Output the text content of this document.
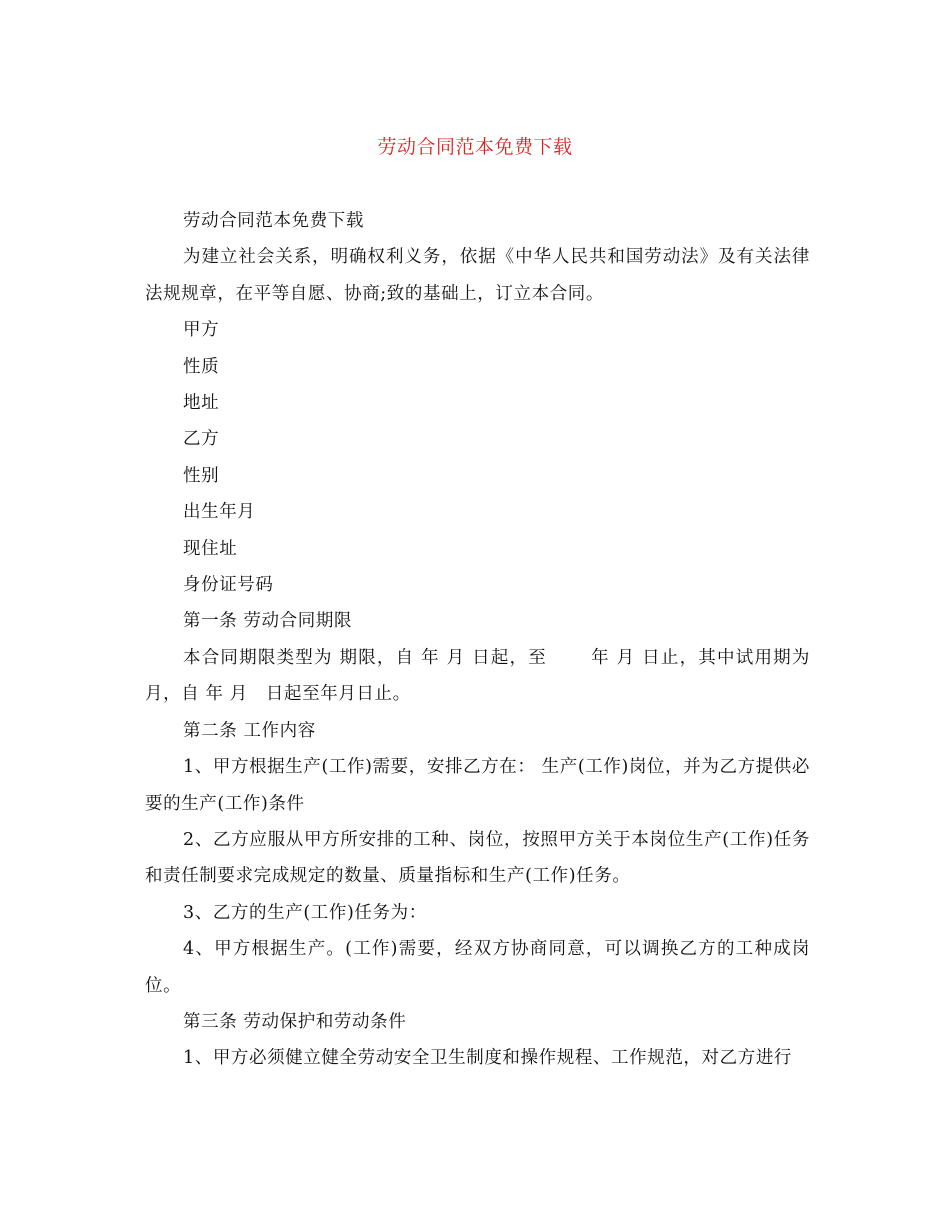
劳动合同范本免费下载

劳动合同范本免费下载

为建立社会关系，明确权利义务，依据《中华人民共和国劳动法》及有关法律法规规章，在平等自愿、协商;致的基础上，订立本合同。

甲方

性质

地址

乙方

性别

出生年月

现住址

身份证号码

第一条 劳动合同期限

本合同期限类型为 期限，自 年 月 日起，至　　 年 月 日止，其中试用期为 月，自 年 月　日起至年月日止。

第二条 工作内容

1、甲方根据生产(工作)需要，安排乙方在： 生产(工作)岗位，并为乙方提供必要的生产(工作)条件

2、乙方应服从甲方所安排的工种、岗位，按照甲方关于本岗位生产(工作)任务和责任制要求完成规定的数量、质量指标和生产(工作)任务。

3、乙方的生产(工作)任务为：

4、甲方根据生产。(工作)需要，经双方协商同意，可以调换乙方的工种成岗位。

第三条 劳动保护和劳动条件

1、甲方必须健立健全劳动安全卫生制度和操作规程、工作规范，对乙方进行
